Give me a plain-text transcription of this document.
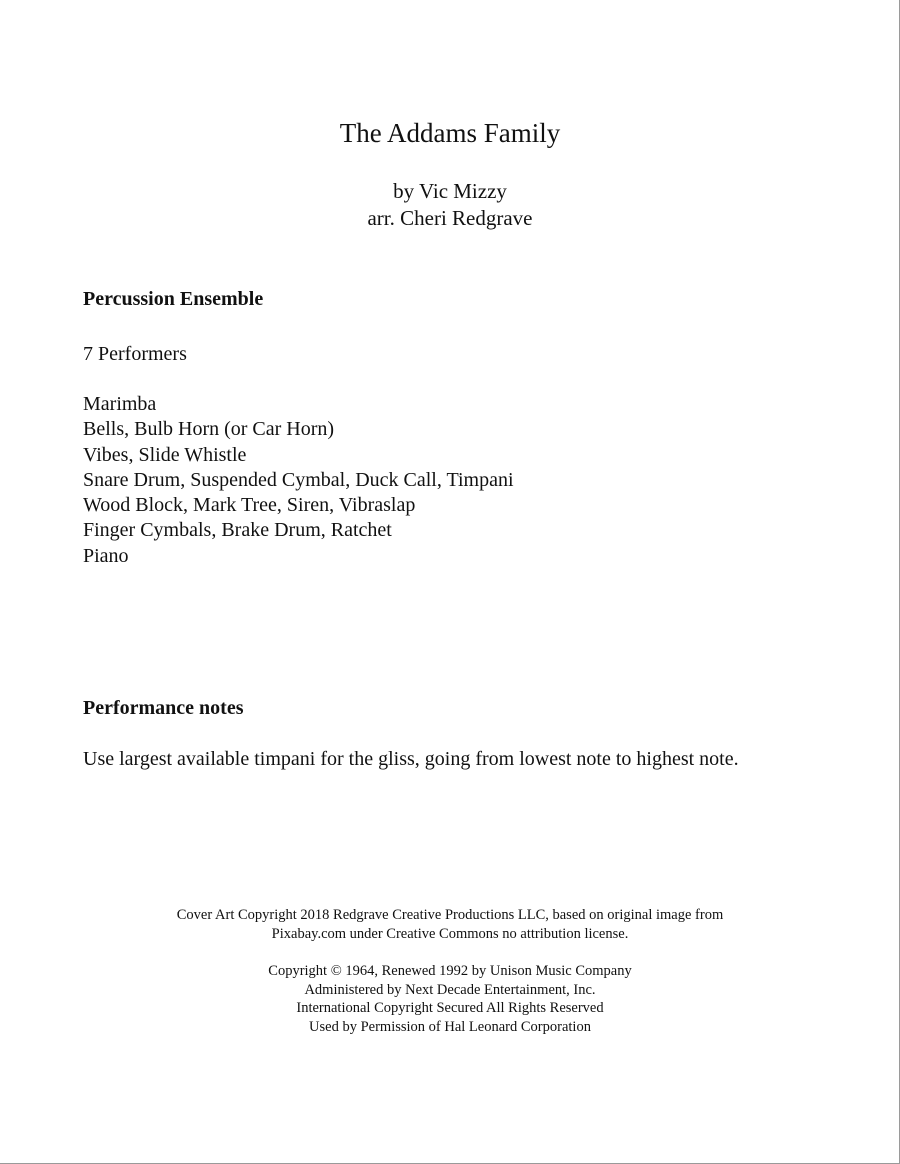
The Addams Family
by Vic Mizzy
arr. Cheri Redgrave
Percussion Ensemble
7 Performers
Marimba
Bells, Bulb Horn (or Car Horn)
Vibes, Slide Whistle
Snare Drum, Suspended Cymbal, Duck Call, Timpani
Wood Block, Mark Tree, Siren, Vibraslap
Finger Cymbals, Brake Drum, Ratchet
Piano
Performance notes
Use largest available timpani for the gliss, going from lowest note to highest note.
Cover Art Copyright 2018 Redgrave Creative Productions LLC, based on original image from
Pixabay.com under Creative Commons no attribution license.
Copyright © 1964, Renewed 1992 by Unison Music Company
Administered by Next Decade Entertainment, Inc.
International Copyright Secured All Rights Reserved
Used by Permission of Hal Leonard Corporation
